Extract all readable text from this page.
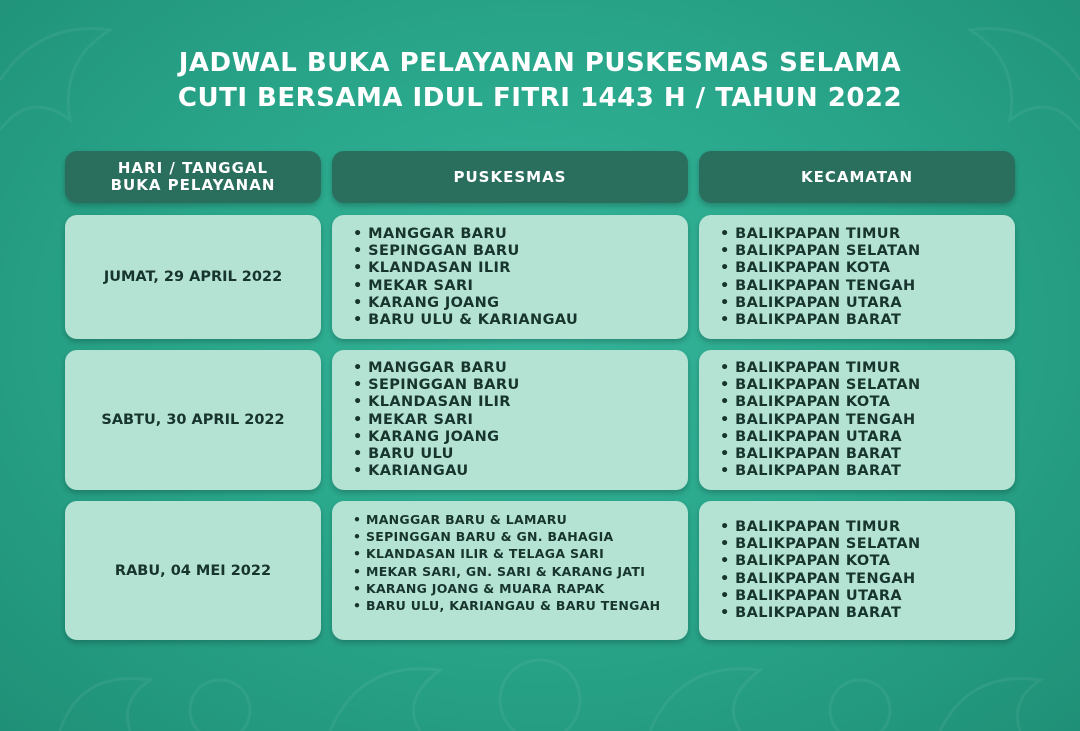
JADWAL BUKA PELAYANAN PUSKESMAS SELAMA
CUTI BERSAMA IDUL FITRI 1443 H / TAHUN 2022
HARI / TANGGAL
BUKA PELAYANAN	PUSKESMAS	KECAMATAN
JUMAT, 29 APRIL 2022
• MANGGAR BARU
• SEPINGGAN BARU
• KLANDASAN ILIR
• MEKAR SARI
• KARANG JOANG
• BARU ULU & KARIANGAU
• BALIKPAPAN TIMUR
• BALIKPAPAN SELATAN
• BALIKPAPAN KOTA
• BALIKPAPAN TENGAH
• BALIKPAPAN UTARA
• BALIKPAPAN BARAT
SABTU, 30 APRIL 2022
• MANGGAR BARU
• SEPINGGAN BARU
• KLANDASAN ILIR
• MEKAR SARI
• KARANG JOANG
• BARU ULU
• KARIANGAU
• BALIKPAPAN TIMUR
• BALIKPAPAN SELATAN
• BALIKPAPAN KOTA
• BALIKPAPAN TENGAH
• BALIKPAPAN UTARA
• BALIKPAPAN BARAT
• BALIKPAPAN BARAT
RABU, 04 MEI 2022
• MANGGAR BARU & LAMARU
• SEPINGGAN BARU & GN. BAHAGIA
• KLANDASAN ILIR & TELAGA SARI
• MEKAR SARI, GN. SARI & KARANG JATI
• KARANG JOANG & MUARA RAPAK
• BARU ULU, KARIANGAU & BARU TENGAH
• BALIKPAPAN TIMUR
• BALIKPAPAN SELATAN
• BALIKPAPAN KOTA
• BALIKPAPAN TENGAH
• BALIKPAPAN UTARA
• BALIKPAPAN BARAT
